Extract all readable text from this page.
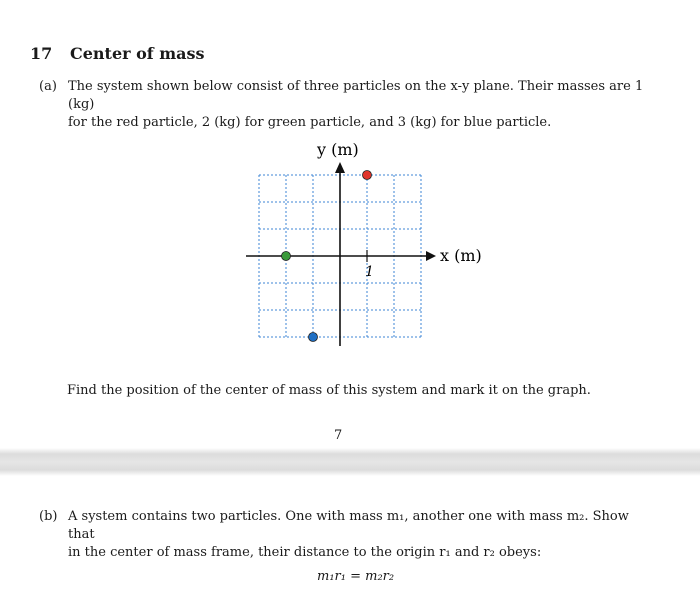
17 Center of mass
(a) The system shown below consist of three particles on the x-y plane. Their masses are 1 (kg)
for the red particle, 2 (kg) for green particle, and 3 (kg) for blue particle.
1
y (m)
x (m)
Find the position of the center of mass of this system and mark it on the graph.
7
(b) A system contains two particles. One with mass m₁, another one with mass m₂. Show that
in the center of mass frame, their distance to the origin r₁ and r₂ obeys:
m₁r₁ = m₂r₂
